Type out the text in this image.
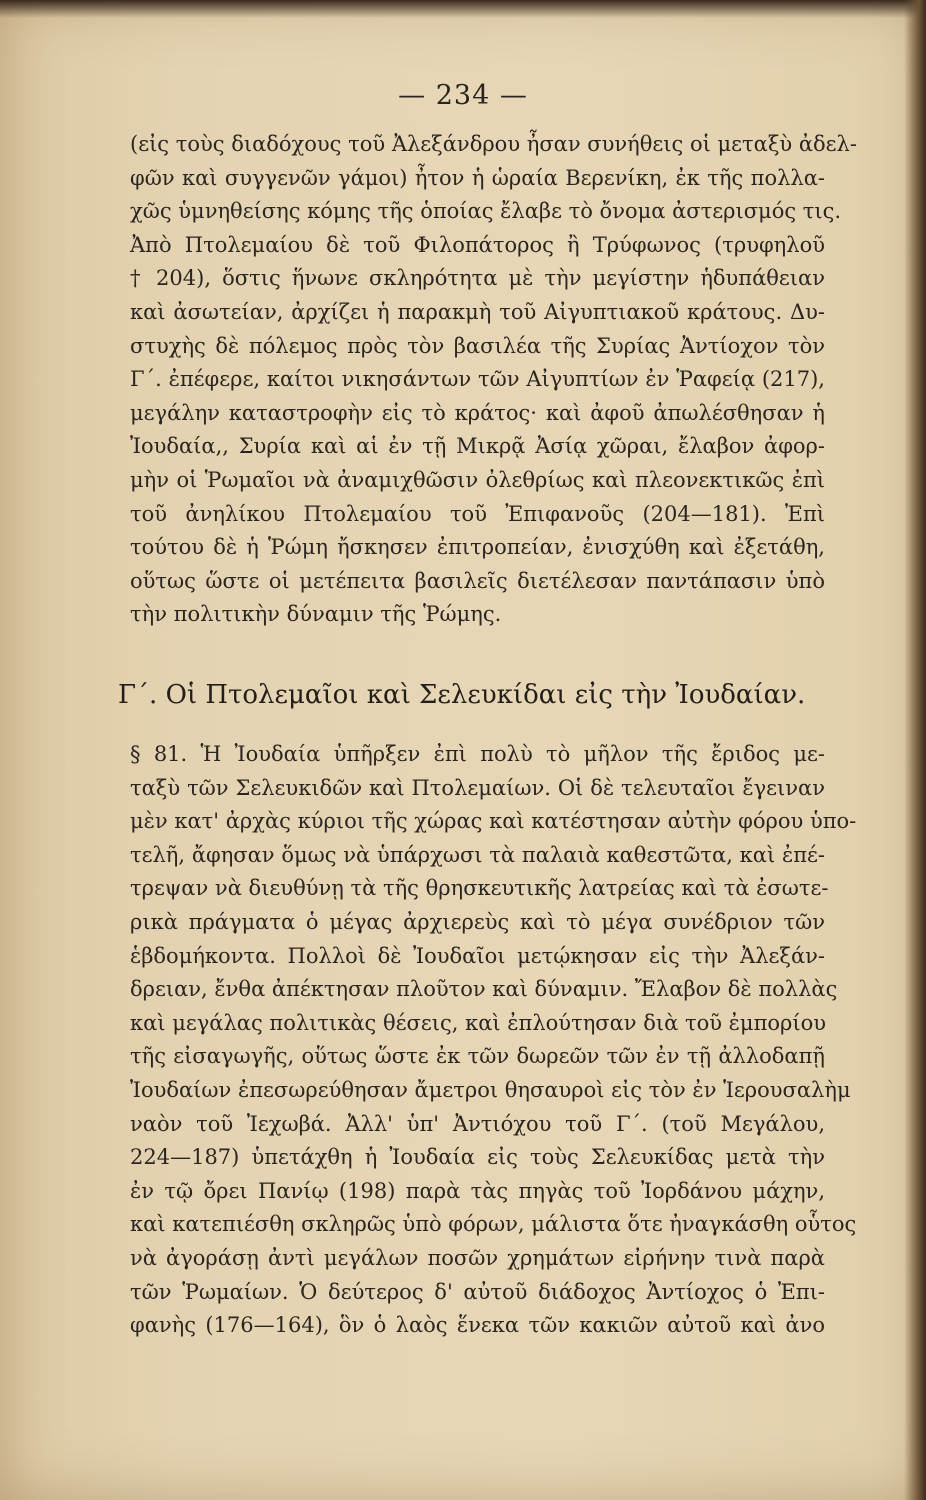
— 234 —
(εἰς τοὺς διαδόχους τοῦ Ἀλεξάνδρου ἦσαν συνήθεις οἱ μεταξὺ ἀδελ-
φῶν καὶ συγγενῶν γάμοι) ἦτον ἡ ὡραία Βερενίκη, ἐκ τῆς πολλα-
χῶς ὑμνηθείσης κόμης τῆς ὁποίας ἔλαβε τὸ ὄνομα ἀστερισμός τις.
Ἀπὸ Πτολεμαίου δὲ τοῦ Φιλοπάτορος ἢ Τρύφωνος (τρυφηλοῦ
† 204), ὅστις ἥνωνε σκληρότητα μὲ τὴν μεγίστην ἡδυπάθειαν
καὶ ἀσωτείαν, ἀρχίζει ἡ παρακμὴ τοῦ Αἰγυπτιακοῦ κράτους. Δυ-
στυχὴς δὲ πόλεμος πρὸς τὸν βασιλέα τῆς Συρίας Ἀντίοχον τὸν
Γ΄. ἐπέφερε, καίτοι νικησάντων τῶν Αἰγυπτίων ἐν Ῥαφείᾳ (217),
μεγάλην καταστροφὴν εἰς τὸ κράτος· καὶ ἀφοῦ ἀπωλέσθησαν ἡ
Ἰουδαία,, Συρία καὶ αἱ ἐν τῇ Μικρᾷ Ἀσίᾳ χῶραι, ἔλαβον ἀφορ-
μὴν οἱ Ῥωμαῖοι νὰ ἀναμιχθῶσιν ὀλεθρίως καὶ πλεονεκτικῶς ἐπὶ
τοῦ ἀνηλίκου Πτολεμαίου τοῦ Ἐπιφανοῦς (204—181). Ἐπὶ
τούτου δὲ ἡ Ῥώμη ἤσκησεν ἐπιτροπείαν, ἐνισχύθη καὶ ἐξετάθη,
οὕτως ὥστε οἱ μετέπειτα βασιλεῖς διετέλεσαν παντάπασιν ὑπὸ
τὴν πολιτικὴν δύναμιν τῆς Ῥώμης.
Γ΄. Οἱ Πτολεμαῖοι καὶ Σελευκίδαι εἰς τὴν Ἰουδαίαν.
§ 81. Ἡ Ἰουδαία ὑπῆρξεν ἐπὶ πολὺ τὸ μῆλον τῆς ἔριδος με-
ταξὺ τῶν Σελευκιδῶν καὶ Πτολεμαίων. Οἱ δὲ τελευταῖοι ἔγειναν
μὲν κατ' ἀρχὰς κύριοι τῆς χώρας καὶ κατέστησαν αὐτὴν φόρου ὑπο-
τελῆ, ἄφησαν ὅμως νὰ ὑπάρχωσι τὰ παλαιὰ καθεστῶτα, καὶ ἐπέ-
τρεψαν νὰ διευθύνῃ τὰ τῆς θρησκευτικῆς λατρείας καὶ τὰ ἐσωτε-
ρικὰ πράγματα ὁ μέγας ἀρχιερεὺς καὶ τὸ μέγα συνέδριον τῶν
ἑβδομήκοντα. Πολλοὶ δὲ Ἰουδαῖοι μετῴκησαν εἰς τὴν Ἀλεξάν-
δρειαν, ἔνθα ἀπέκτησαν πλοῦτον καὶ δύναμιν. Ἔλαβον δὲ πολλὰς
καὶ μεγάλας πολιτικὰς θέσεις, καὶ ἐπλούτησαν διὰ τοῦ ἐμπορίου
τῆς εἰσαγωγῆς, οὕτως ὥστε ἐκ τῶν δωρεῶν τῶν ἐν τῇ ἀλλοδαπῇ
Ἰουδαίων ἐπεσωρεύθησαν ἄμετροι θησαυροὶ εἰς τὸν ἐν Ἱερουσαλὴμ
ναὸν τοῦ Ἰεχωβά. Ἀλλ' ὑπ' Ἀντιόχου τοῦ Γ΄. (τοῦ Μεγάλου,
224—187) ὑπετάχθη ἡ Ἰουδαία εἰς τοὺς Σελευκίδας μετὰ τὴν
ἐν τῷ ὄρει Πανίῳ (198) παρὰ τὰς πηγὰς τοῦ Ἰορδάνου μάχην,
καὶ κατεπιέσθη σκληρῶς ὑπὸ φόρων, μάλιστα ὅτε ἠναγκάσθη οὗτος
νὰ ἀγοράσῃ ἀντὶ μεγάλων ποσῶν χρημάτων εἰρήνην τινὰ παρὰ
τῶν Ῥωμαίων. Ὁ δεύτερος δ' αὐτοῦ διάδοχος Ἀντίοχος ὁ Ἐπι-
φανὴς (176—164), ὃν ὁ λαὸς ἕνεκα τῶν κακιῶν αὐτοῦ καὶ ἀνο
